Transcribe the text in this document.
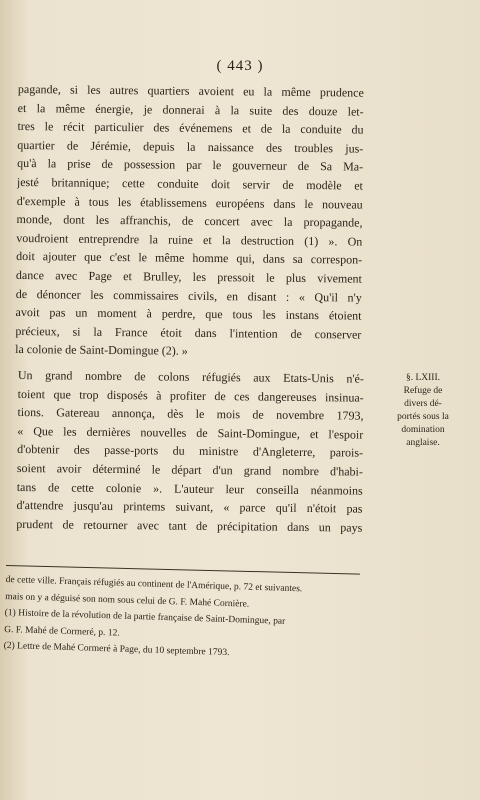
( 443 )
pagande, si les autres quartiers avoient eu la même prudence
et la même énergie, je donnerai à la suite des douze let-
tres le récit particulier des événemens et de la conduite du
quartier de Jérémie, depuis la naissance des troubles jus-
qu'à la prise de possession par le gouverneur de Sa Ma-
jesté britannique; cette conduite doit servir de modèle et
d'exemple à tous les établissemens européens dans le nouveau
monde, dont les affranchis, de concert avec la propagande,
voudroient entreprendre la ruine et la destruction (1) ». On
doit ajouter que c'est le même homme qui, dans sa correspon-
dance avec Page et Brulley, les pressoit le plus vivement
de dénoncer les commissaires civils, en disant : « Qu'il n'y
avoit pas un moment à perdre, que tous les instans étoient
précieux, si la France étoit dans l'intention de conserver
la colonie de Saint-Domingue (2). »
Un grand nombre de colons réfugiés aux Etats-Unis n'é-
toient que trop disposés à profiter de ces dangereuses insinua-
tions. Gatereau annonça, dès le mois de novembre 1793,
« Que les dernières nouvelles de Saint-Domingue, et l'espoir
d'obtenir des passe-ports du ministre d'Angleterre, parois-
soient avoir déterminé le départ d'un grand nombre d'habi-
tans de cette colonie ». L'auteur leur conseilla néanmoins
d'attendre jusqu'au printems suivant, « parce qu'il n'étoit pas
prudent de retourner avec tant de précipitation dans un pays
§. LXIII.
Refuge de
divers dé-
portés sous la
domination
anglaise.
de cette ville. Français réfugiés au continent de l'Amérique, p. 72 et suivantes.
mais on y a déguisé son nom sous celui de G. F. Mahé Cornière.
(1) Histoire de la révolution de la partie française de Saint-Domingue, par
G. F. Mahé de Cormeré, p. 12.
(2) Lettre de Mahé Cormeré à Page, du 10 septembre 1793.
